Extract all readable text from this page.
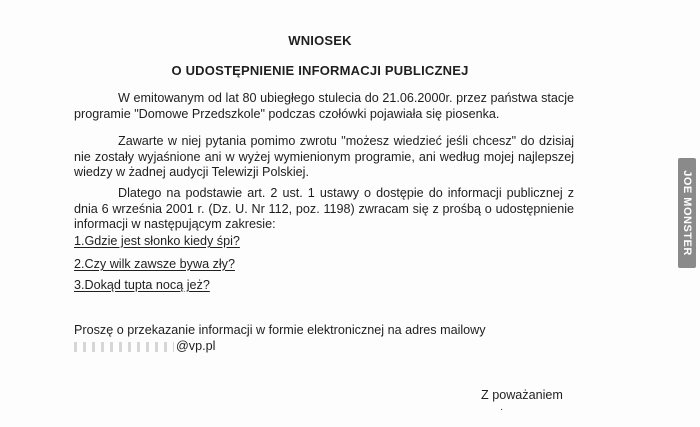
WNIOSEK
O UDOSTĘPNIENIE INFORMACJI PUBLICZNEJ
W emitowanym od lat 80 ubiegłego stulecia do 21.06.2000r. przez państwa stacje programie "Domowe Przedszkole" podczas czołówki pojawiała się piosenka.
Zawarte w niej pytania pomimo zwrotu "możesz wiedzieć jeśli chcesz" do dzisiaj nie zostały wyjaśnione ani w wyżej wymienionym programie, ani według mojej najlepszej wiedzy w żadnej audycji Telewizji Polskiej.
Dlatego na podstawie art. 2 ust. 1 ustawy o dostępie do informacji publicznej z dnia 6 września 2001 r. (Dz. U. Nr 112, poz. 1198) zwracam się z prośbą o udostępnienie informacji w następującym zakresie:
1.Gdzie jest słonko kiedy śpi?
2.Czy wilk zawsze bywa zły?
3.Dokąd tupta nocą jeż?
Proszę o przekazanie informacji w formie elektronicznej na adres mailowy
@vp.pl
Z poważaniem
·
JOE MONSTER
